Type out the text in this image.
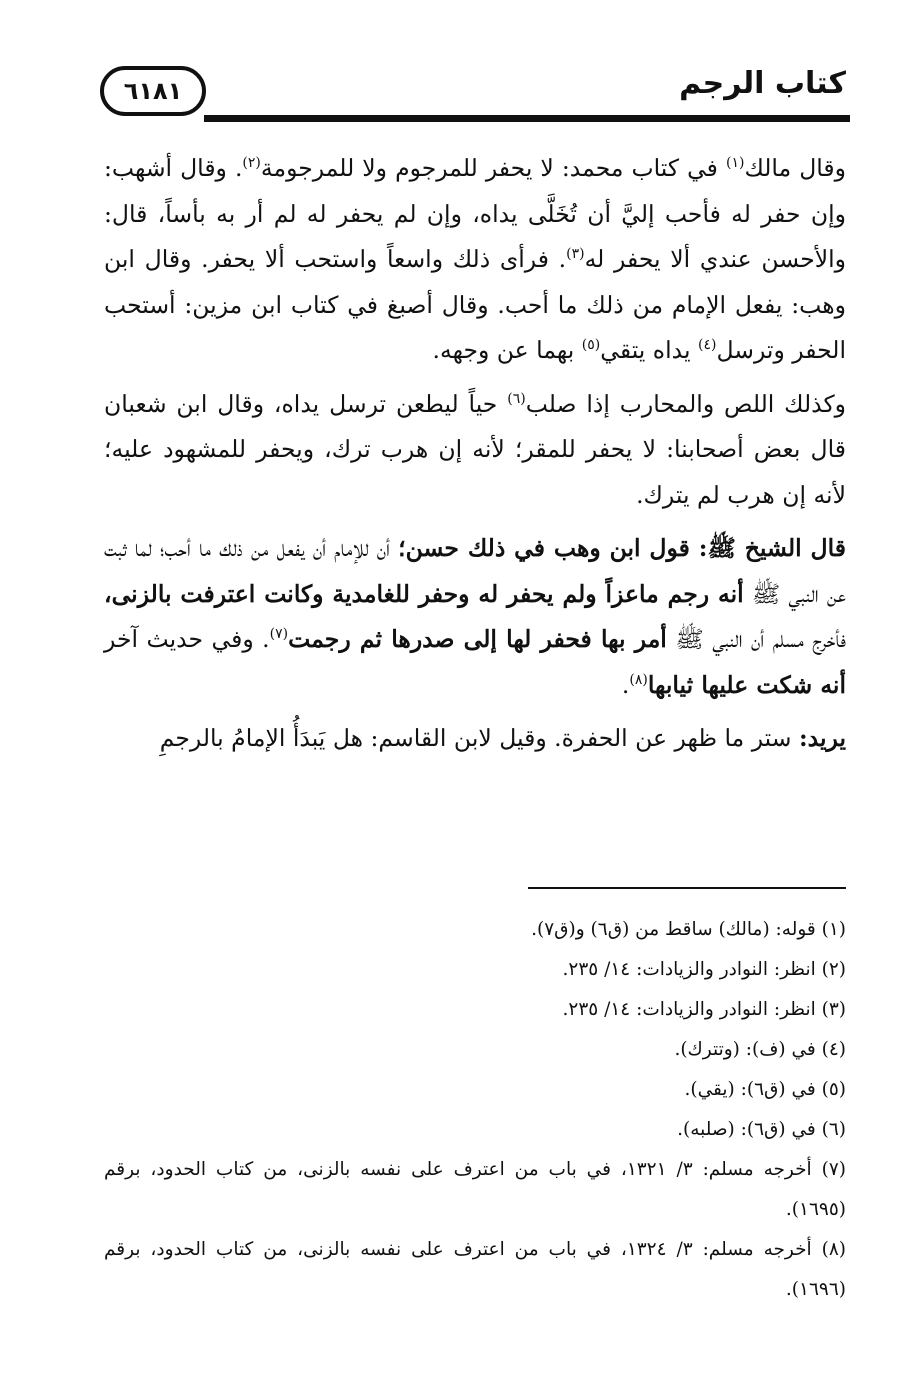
كتاب الرجم
٦١٨١

وقال مالك$^{(١)}$ في كتاب محمد: لا يحفر للمرجوم ولا للمرجومة$^{(٢)}$. وقال أشهب: وإن حفر له فأحب إليَّ أن تُخَلَّى يداه، وإن لم يحفر له لم أر به بأساً، قال: والأحسن عندي ألا يحفر له$^{(٣)}$. فرأى ذلك واسعاً واستحب ألا يحفر. وقال ابن وهب: يفعل الإمام من ذلك ما أحب. وقال أصبغ في كتاب ابن مزين: أستحب الحفر وترسل$^{(٤)}$ يداه يتقي$^{(٥)}$ بهما عن وجهه.

وكذلك اللص والمحارب إذا صلب$^{(٦)}$ حياً ليطعن ترسل يداه، وقال ابن شعبان قال بعض أصحابنا: لا يحفر للمقر؛ لأنه إن هرب ترك، ويحفر للمشهود عليه؛ لأنه إن هرب لم يترك.

قال الشيخ ﷺ: قول ابن وهب في ذلك حسن؛ أن للإمام أن يفعل من ذلك ما أحب؛ لما ثبت عن النبي ﷺ أنه رجم ماعزاً ولم يحفر له وحفر للغامدية وكانت اعترفت بالزنى، فأخرج مسلم أن النبي ﷺ أمر بها فحفر لها إلى صدرها ثم رجمت$^{(٧)}$. وفي حديث آخر أنه شكت عليها ثيابها$^{(٨)}$.

يريد: ستر ما ظهر عن الحفرة. وقيل لابن القاسم: هل يَبدَأُ الإمامُ بالرجمِ

(١) قوله: (مالك) ساقط من (ق٦) و(ق٧).

(٢) انظر: النوادر والزيادات: ١٤/ ٢٣٥.

(٣) انظر: النوادر والزيادات: ١٤/ ٢٣٥.

(٤) في (ف): (وتترك).

(٥) في (ق٦): (يقي).

(٦) في (ق٦): (صلبه).

(٧) أخرجه مسلم: ٣/ ١٣٢١، في باب من اعترف على نفسه بالزنى، من كتاب الحدود، برقم (١٦٩٥).

(٨) أخرجه مسلم: ٣/ ١٣٢٤، في باب من اعترف على نفسه بالزنى، من كتاب الحدود، برقم (١٦٩٦).
